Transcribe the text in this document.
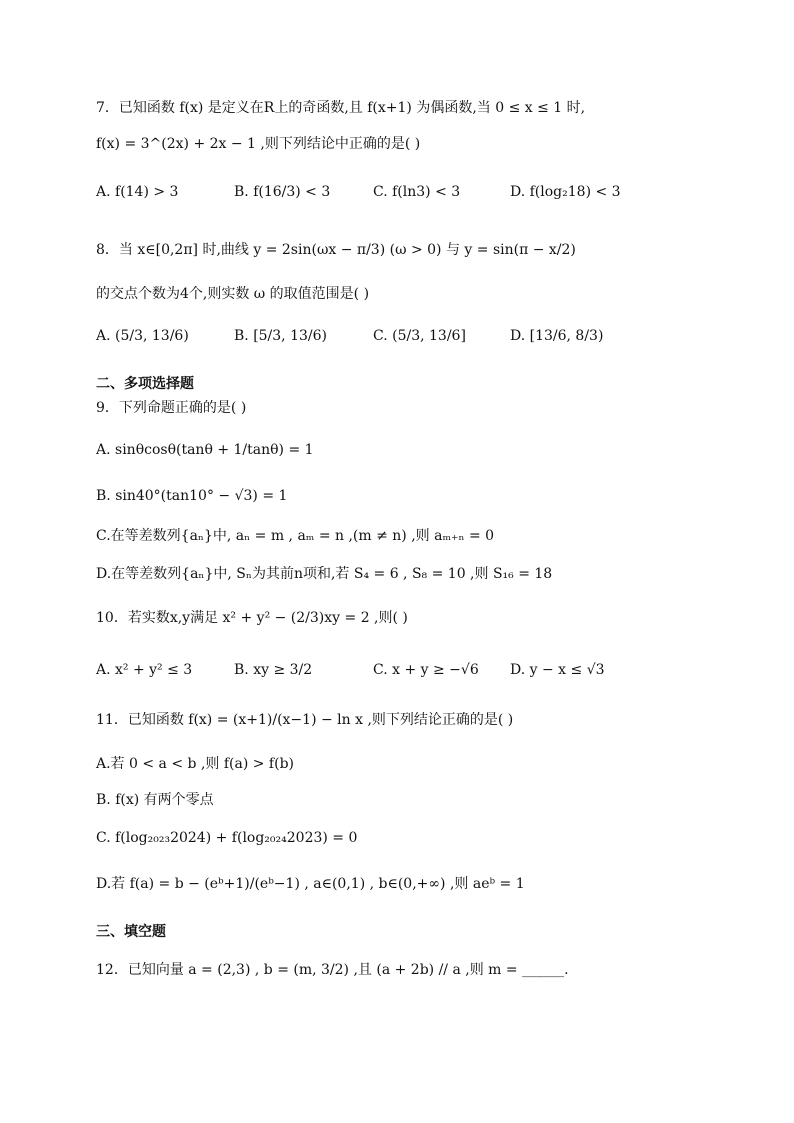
7．已知函数 f(x) 是定义在R上的奇函数,且 f(x+1) 为偶函数,当 0 ≤ x ≤ 1 时,
f(x) = 3^(2x) + 2x − 1 ,则下列结论中正确的是( )
A. f(14) > 3	B. f(16/3) < 3	C. f(ln3) < 3	D. f(log₂18) < 3
8．当 x∈[0,2π] 时,曲线 y = 2sin(ωx − π/3) (ω > 0) 与 y = sin(π − x/2)
的交点个数为4个,则实数 ω 的取值范围是( )
A. (5/3, 13/6)	B. [5/3, 13/6)	C. (5/3, 13/6]	D. [13/6, 8/3)
二、多项选择题
9．下列命题正确的是( )
A. sinθcosθ(tanθ + 1/tanθ) = 1
B. sin40°(tan10° − √3) = 1
C.在等差数列{aₙ}中, aₙ = m , aₘ = n ,(m ≠ n) ,则 aₘ₊ₙ = 0
D.在等差数列{aₙ}中, Sₙ为其前n项和,若 S₄ = 6 , S₈ = 10 ,则 S₁₆ = 18
10．若实数x,y满足 x² + y² − (2/3)xy = 2 ,则( )
A. x² + y² ≤ 3	B. xy ≥ 3/2	C. x + y ≥ −√6 D. y − x ≤ √3
11．已知函数 f(x) = (x+1)/(x−1) − ln x ,则下列结论正确的是( )
A.若 0 < a < b ,则 f(a) > f(b)
B. f(x) 有两个零点
C. f(log₂₀₂₃2024) + f(log₂₀₂₄2023) = 0
D.若 f(a) = b − (eᵇ+1)/(eᵇ−1) , a∈(0,1) , b∈(0,+∞) ,则 aeᵇ = 1
三、填空题
12．已知向量 a = (2,3) , b = (m, 3/2) ,且 (a + 2b) // a ,则 m = ______.
